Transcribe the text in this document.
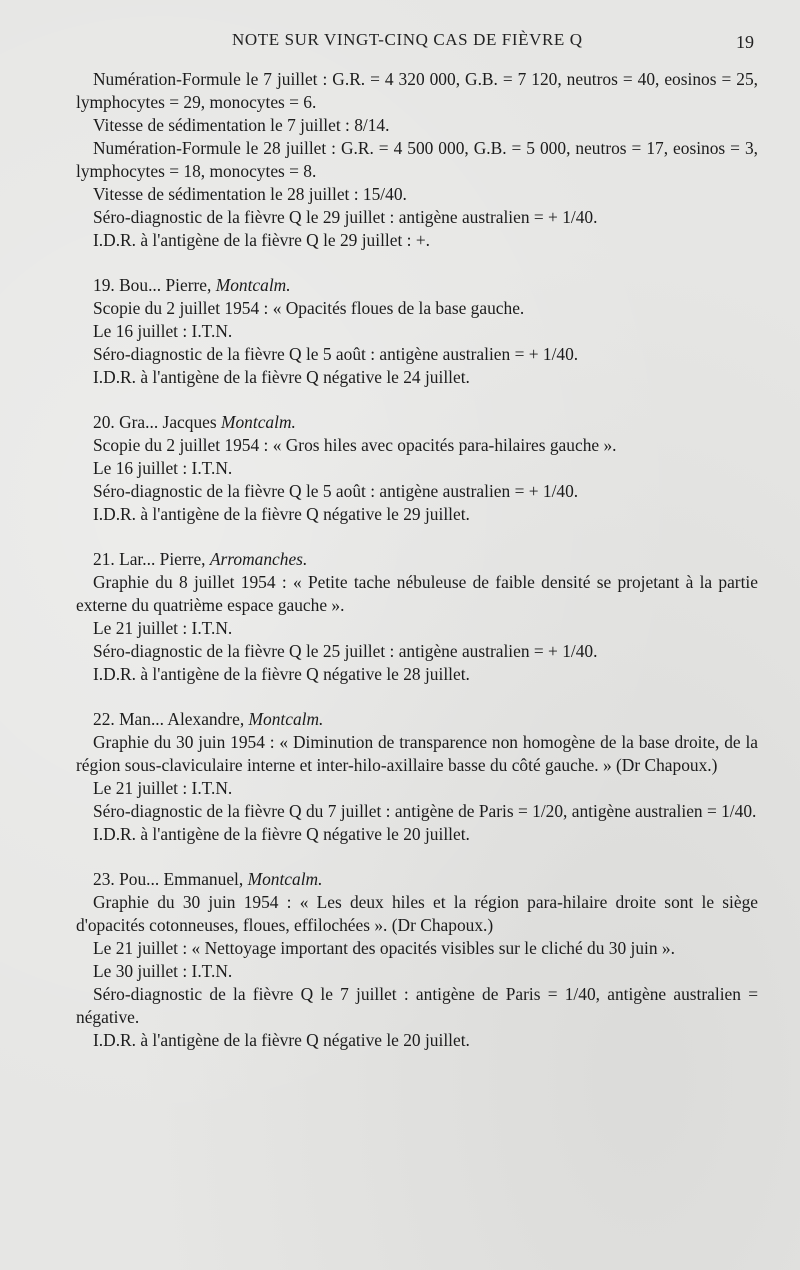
NOTE SUR VINGT-CINQ CAS DE FIÈVRE Q	19

Numération-Formule le 7 juillet : G.R. = 4 320 000, G.B. = 7 120, neutros = 40, eosinos = 25, lymphocytes = 29, monocytes = 6.

Vitesse de sédimentation le 7 juillet : 8/14.

Numération-Formule le 28 juillet : G.R. = 4 500 000, G.B. = 5 000, neutros = 17, eosinos = 3, lymphocytes = 18, monocytes = 8.

Vitesse de sédimentation le 28 juillet : 15/40.

Séro-diagnostic de la fièvre Q le 29 juillet : antigène australien = + 1/40.

I.D.R. à l'antigène de la fièvre Q le 29 juillet : +.

19. Bou... Pierre, Montcalm.

Scopie du 2 juillet 1954 : « Opacités floues de la base gauche.

Le 16 juillet : I.T.N.

Séro-diagnostic de la fièvre Q le 5 août : antigène australien = + 1/40.

I.D.R. à l'antigène de la fièvre Q négative le 24 juillet.

20. Gra... Jacques Montcalm.

Scopie du 2 juillet 1954 : « Gros hiles avec opacités para-hilaires gauche ».

Le 16 juillet : I.T.N.

Séro-diagnostic de la fièvre Q le 5 août : antigène australien = + 1/40.

I.D.R. à l'antigène de la fièvre Q négative le 29 juillet.

21. Lar... Pierre, Arromanches.

Graphie du 8 juillet 1954 : « Petite tache nébuleuse de faible densité se projetant à la partie externe du quatrième espace gauche ».

Le 21 juillet : I.T.N.

Séro-diagnostic de la fièvre Q le 25 juillet : antigène australien = + 1/40.

I.D.R. à l'antigène de la fièvre Q négative le 28 juillet.

22. Man... Alexandre, Montcalm.

Graphie du 30 juin 1954 : « Diminution de transparence non homogène de la base droite, de la région sous-claviculaire interne et inter-hilo-axillaire basse du côté gauche. » (Dr Chapoux.)

Le 21 juillet : I.T.N.

Séro-diagnostic de la fièvre Q du 7 juillet : antigène de Paris = 1/20, antigène australien = 1/40.

I.D.R. à l'antigène de la fièvre Q négative le 20 juillet.

23. Pou... Emmanuel, Montcalm.

Graphie du 30 juin 1954 : « Les deux hiles et la région para-hilaire droite sont le siège d'opacités cotonneuses, floues, effilochées ». (Dr Chapoux.)

Le 21 juillet : « Nettoyage important des opacités visibles sur le cliché du 30 juin ».

Le 30 juillet : I.T.N.

Séro-diagnostic de la fièvre Q le 7 juillet : antigène de Paris = 1/40, antigène australien = négative.

I.D.R. à l'antigène de la fièvre Q négative le 20 juillet.
